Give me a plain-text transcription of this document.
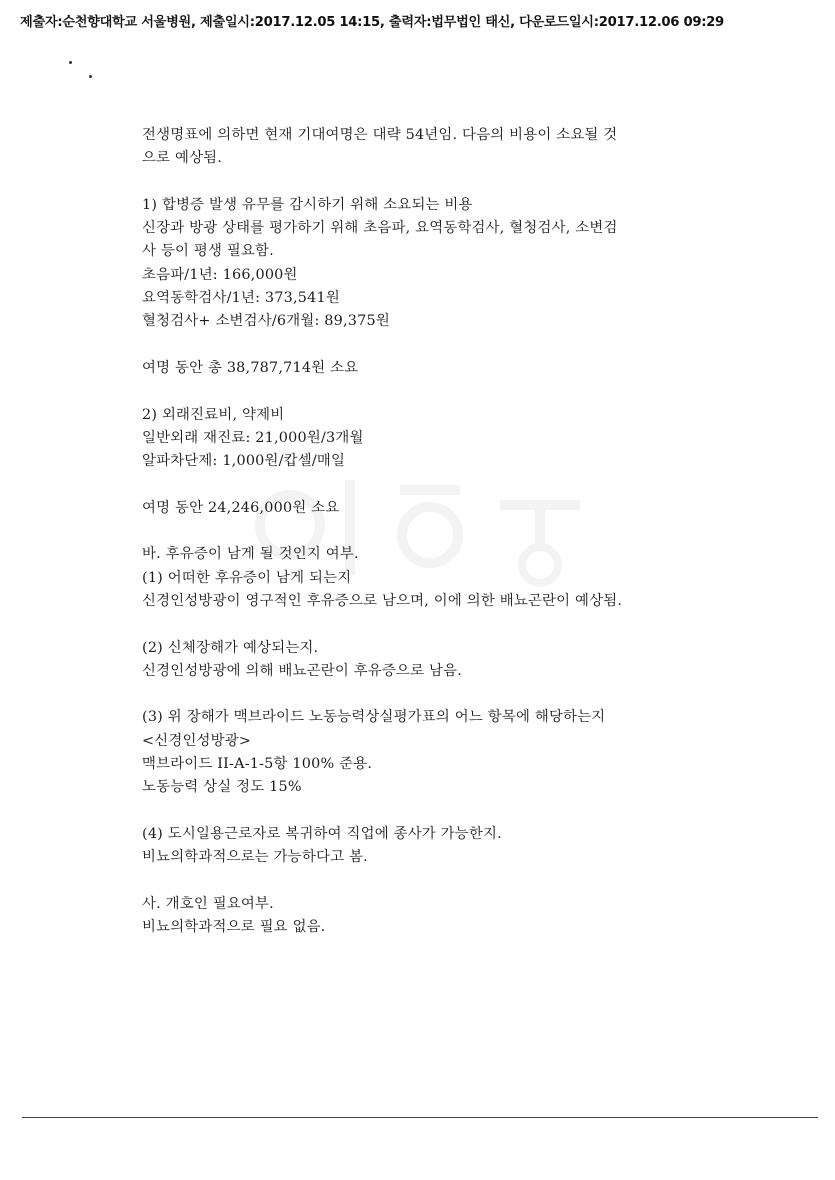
제출자:순천향대학교 서울병원, 제출일시:2017.12.05 14:15, 출력자:법무법인 태신, 다운로드일시:2017.12.06 09:29
전생명표에 의하면 현재 기대여명은 대략 54년임. 다음의 비용이 소요될 것
으로 예상됨.
1) 합병증 발생 유무를 감시하기 위해 소요되는 비용
신장과 방광 상태를 평가하기 위해 초음파, 요역동학검사, 혈청검사, 소변검
사 등이 평생 필요함.
초음파/1년: 166,000원
요역동학검사/1년: 373,541원
혈청검사+ 소변검사/6개월: 89,375원
여명 동안 총 38,787,714원 소요
2) 외래진료비, 약제비
일반외래 재진료: 21,000원/3개월
알파차단제: 1,000원/캅셀/매일
여명 동안 24,246,000원 소요
바. 후유증이 남게 될 것인지 여부.
(1) 어떠한 후유증이 남게 되는지
신경인성방광이 영구적인 후유증으로 남으며, 이에 의한 배뇨곤란이 예상됨.
(2) 신체장해가 예상되는지.
신경인성방광에 의해 배뇨곤란이 후유증으로 남음.
(3) 위 장해가 맥브라이드 노동능력상실평가표의 어느 항목에 해당하는지
<신경인성방광>
맥브라이드 II-A-1-5항 100% 준용.
노동능력 상실 정도 15%
(4) 도시일용근로자로 복귀하여 직업에 종사가 가능한지.
비뇨의학과적으로는 가능하다고 봄.
사. 개호인 필요여부.
비뇨의학과적으로 필요 없음.
